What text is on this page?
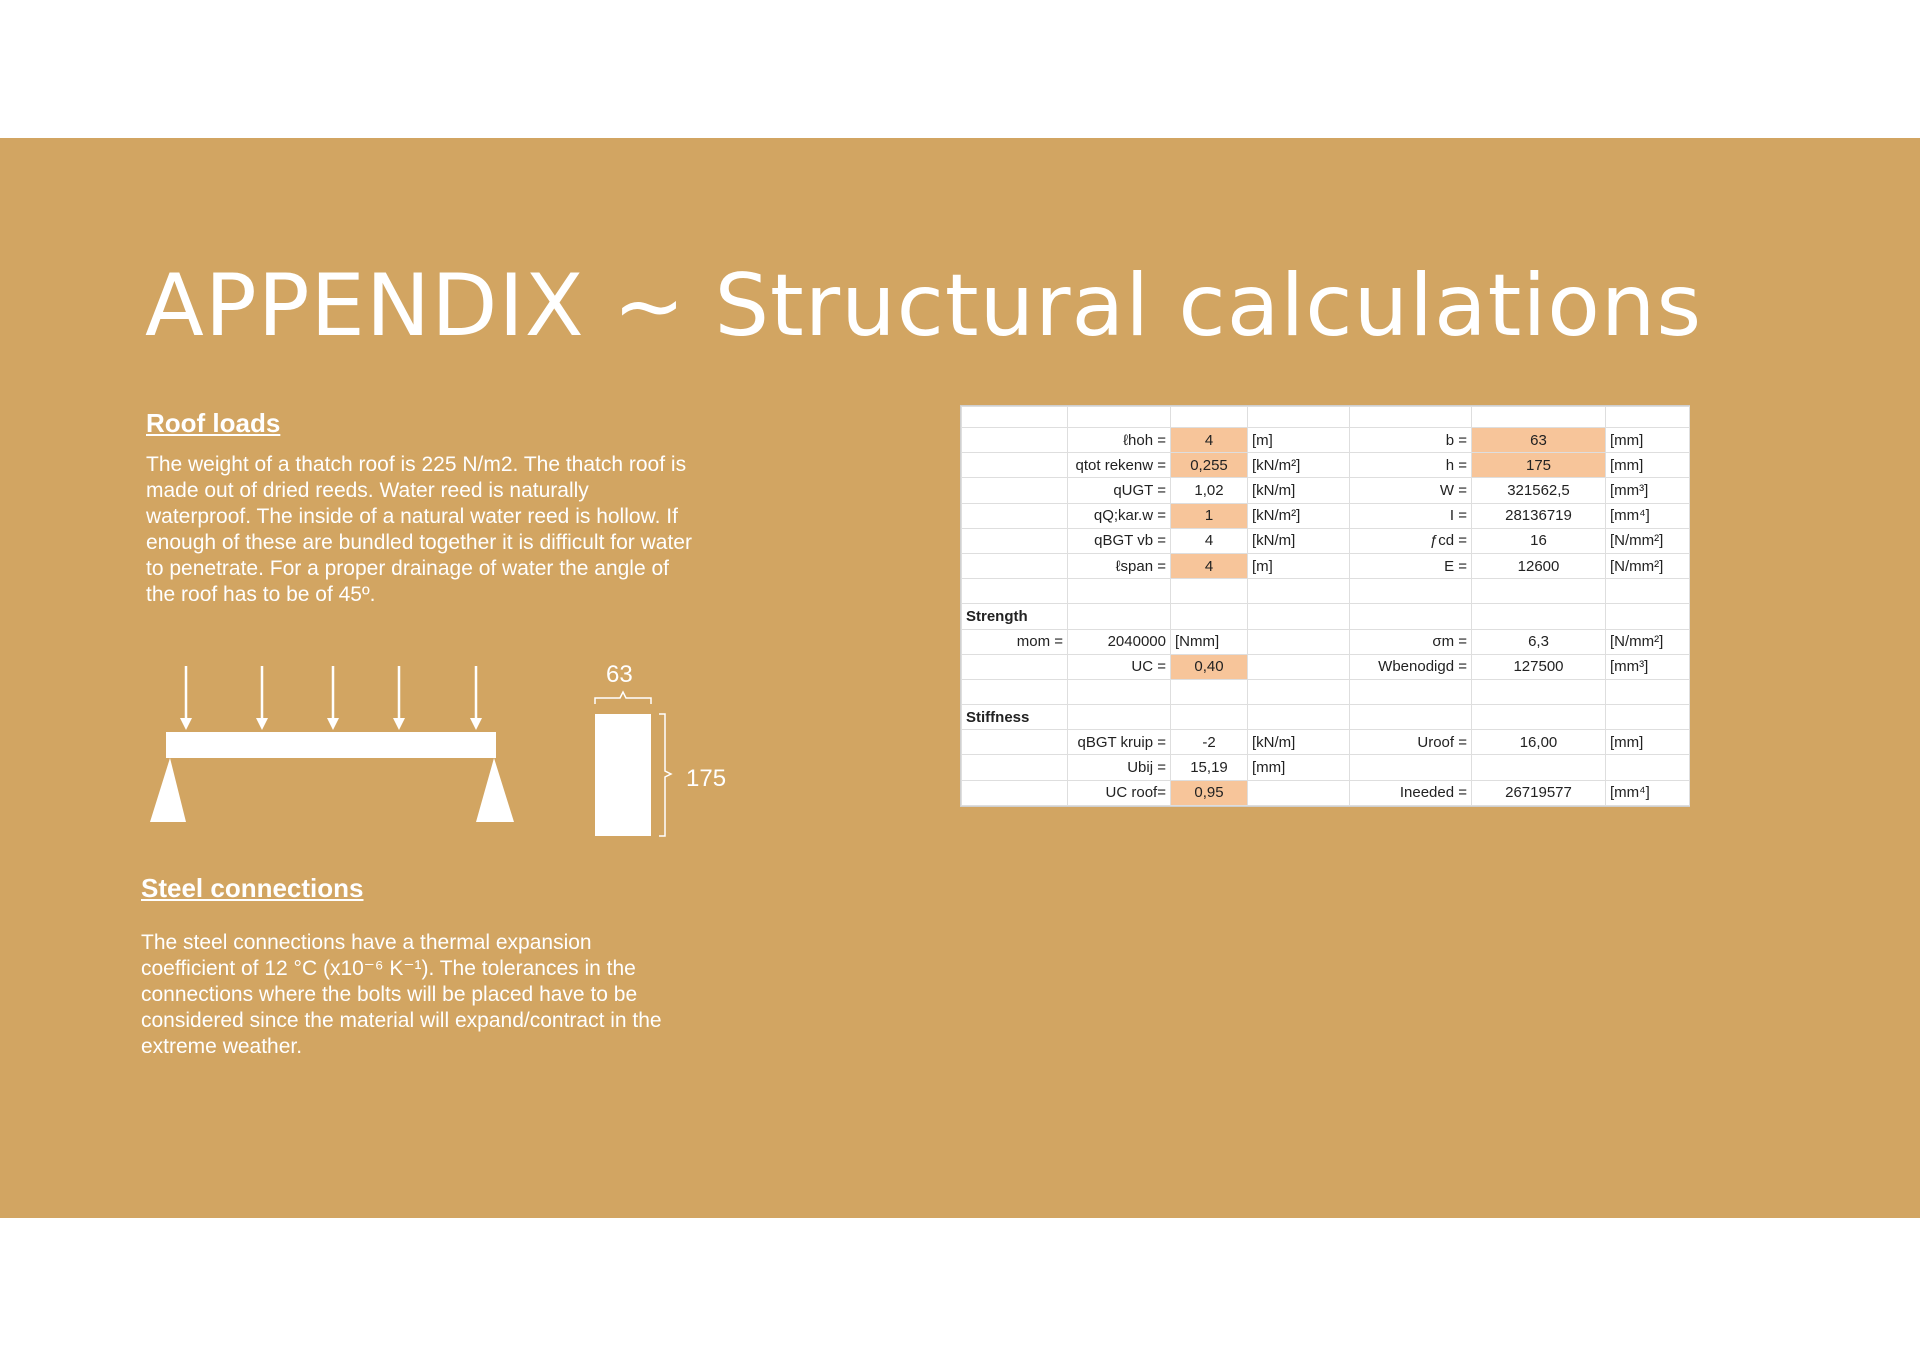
APPENDIX ~ Structural calculations
Roof loads

The weight of a thatch roof is 225 N/m2. The thatch roof is made out of dried reeds. Water reed is naturally waterproof. The inside of a natural water reed is hollow. If enough of these are bundled together it is difficult for water to penetrate. For a proper drainage of water the angle of the roof has to be of 45º.

63
175
Steel connections

The steel connections have a thermal expansion coefficient of 12 °C (x10⁻⁶ K⁻¹). The tolerances in the connections where the bolts will be placed have to be considered since the material will expand/contract in the extreme weather.

	ℓhoh =	4	[m]	b =	63	[mm]
	qtot rekenw =	0,255	[kN/m²]	h =	175	[mm]
	qUGT =	1,02	[kN/m]	W =	321562,5	[mm³]
	qQ;kar.w =	1	[kN/m²]	I =	28136719	[mm⁴]
	qBGT vb =	4	[kN/m]	ƒcd =	16	[N/mm²]
	ℓspan =	4	[m]	E =	12600	[N/mm²]

Strength						
mom =	2040000	[Nmm]		σm =	6,3	[N/mm²]
	UC =	0,40		Wbenodigd =	127500	[mm³]

Stiffness						
	qBGT kruip =	-2	[kN/m]	Uroof =	16,00	[mm]
	Ubij =	15,19	[mm]			
	UC roof=	0,95		Ineeded =	26719577	[mm⁴]
